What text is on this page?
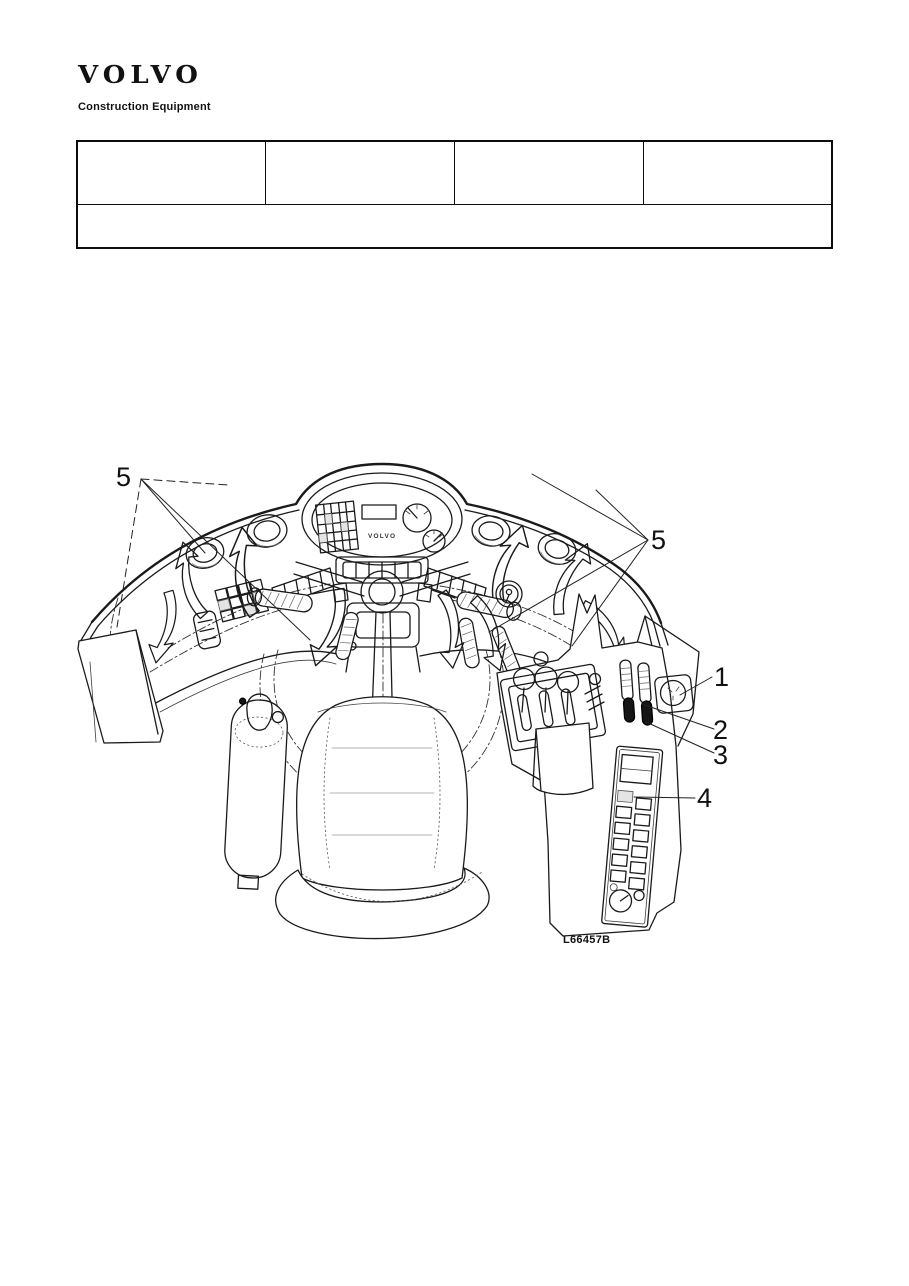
VOLVO
Construction Equipment

VOLVO
5
5
1
2
3
4
L66457B
